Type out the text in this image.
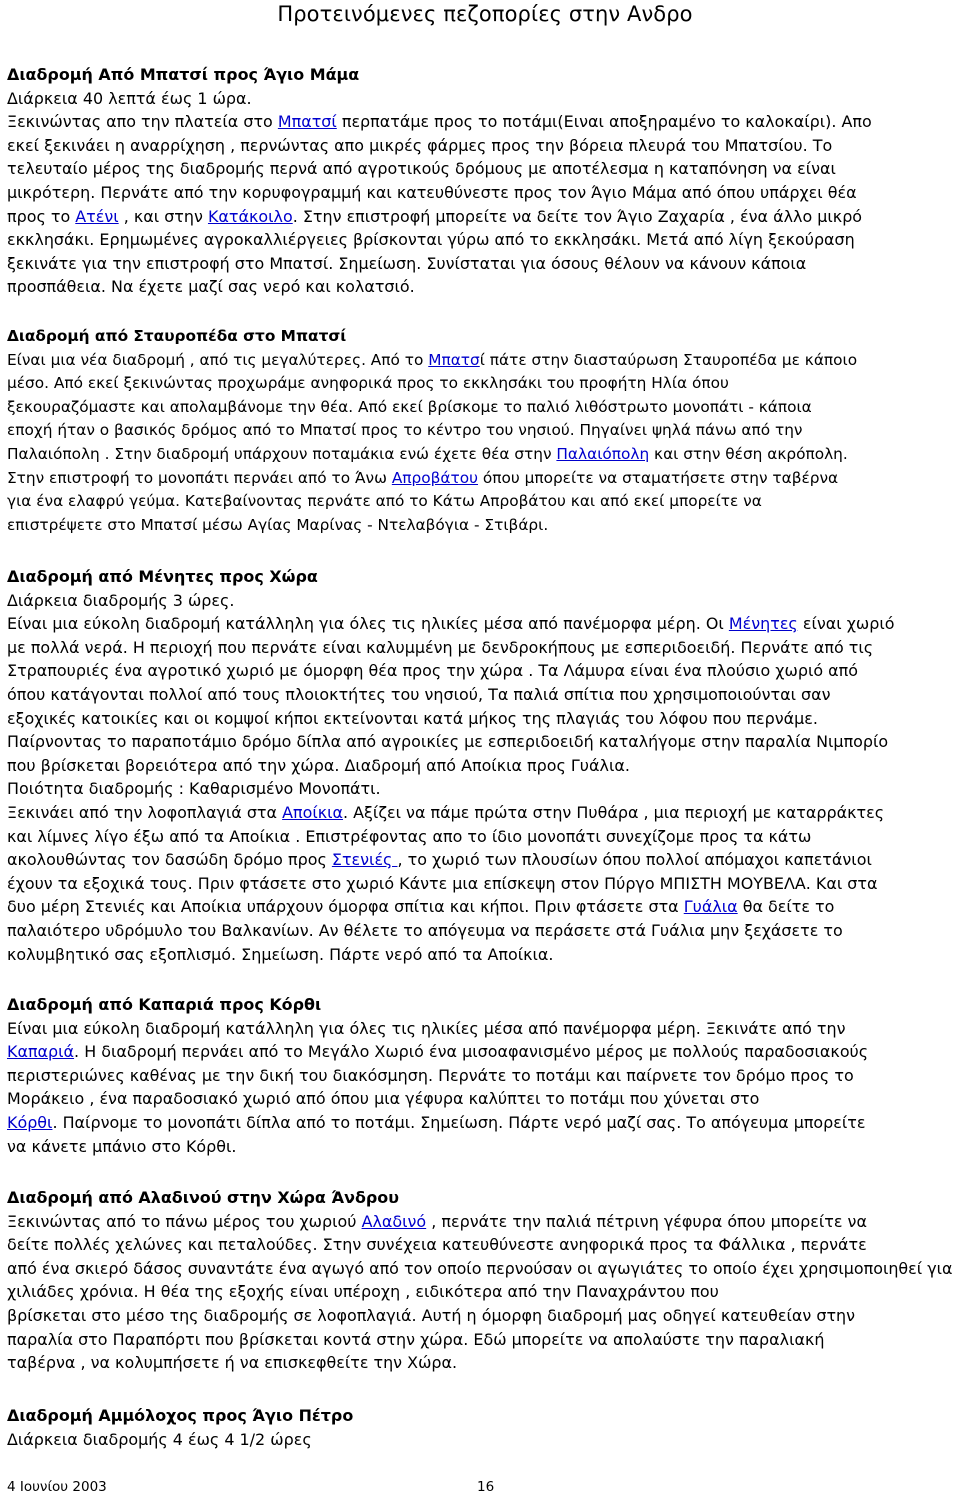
Προτεινόμενες πεζοπορίες στην Ανδρο
Διαδρομή Από Μπατσί προς Άγιο Μάμα
Διάρκεια 40 λεπτά έως 1 ώρα.
Ξεκινώντας απο την πλατεία στο Μπατσί περπατάμε προς το ποτάμι(Ειναι αποξηραμένο το καλοκαίρι). Απο
εκεί ξεκινάει η αναρρίχηση , περνώντας απο μικρές φάρμες προς την βόρεια πλευρά του Μπατσίου. Το
τελευταίο μέρος της διαδρομής περνά από αγροτικούς δρόμους με αποτέλεσμα η καταπόνηση να είναι
μικρότερη. Περνάτε από την κορυφογραμμή και κατευθύνεστε προς τον Άγιο Μάμα από όπου υπάρχει θέα
προς το Ατένι , και στην Κατάκοιλο. Στην επιστροφή μπορείτε να δείτε τον Άγιο Ζαχαρία , ένα άλλο μικρό
εκκλησάκι. Ερημωμένες αγροκαλλιέργειες βρίσκονται γύρω από το εκκλησάκι. Μετά από λίγη ξεκούραση
ξεκινάτε για την επιστροφή στο Μπατσί. Σημείωση. Συνίσταται για όσους θέλουν να κάνουν κάποια
προσπάθεια. Να έχετε μαζί σας νερό και κολατσιό.
Διαδρομή από Σταυροπέδα στο Μπατσί
Είναι μια νέα διαδρομή , από τις μεγαλύτερες. Από το Μπατσί πάτε στην διασταύρωση Σταυροπέδα με κάποιο
μέσο. Από εκεί ξεκινώντας προχωράμε ανηφορικά προς το εκκλησάκι του προφήτη Ηλία όπου
ξεκουραζόμαστε και απολαμβάνομε την θέα. Από εκεί βρίσκομε το παλιό λιθόστρωτο μονοπάτι - κάποια
εποχή ήταν ο βασικός δρόμος από το Μπατσί προς το κέντρο του νησιού. Πηγαίνει ψηλά πάνω από την
Παλαιόπολη . Στην διαδρομή υπάρχουν ποταμάκια ενώ έχετε θέα στην Παλαιόπολη και στην θέση ακρόπολη.
Στην επιστροφή το μονοπάτι περνάει από το Άνω Απροβάτου όπου μπορείτε να σταματήσετε στην ταβέρνα
για ένα ελαφρύ γεύμα. Κατεβαίνοντας περνάτε από το Κάτω Απροβάτου και από εκεί μπορείτε να
επιστρέψετε στο Μπατσί μέσω Αγίας Μαρίνας - Ντελαβόγια - Στιβάρι.
Διαδρομή από Μένητες προς Χώρα
Διάρκεια διαδρομής 3 ώρες.
Είναι μια εύκολη διαδρομή κατάλληλη για όλες τις ηλικίες μέσα από πανέμορφα μέρη. Οι Μένητες είναι χωριό
με πολλά νερά. Η περιοχή που περνάτε είναι καλυμμένη με δενδροκήπους με εσπεριδοειδή. Περνάτε από τις
Στραπουριές ένα αγροτικό χωριό με όμορφη θέα προς την χώρα . Τα Λάμυρα είναι ένα πλούσιο χωριό από
όπου κατάγονται πολλοί από τους πλοιοκτήτες του νησιού, Τα παλιά σπίτια που χρησιμοποιούνται σαν
εξοχικές κατοικίες και οι κομψοί κήποι εκτείνονται κατά μήκος της πλαγιάς του λόφου που περνάμε.
Παίρνοντας το παραποτάμιο δρόμο δίπλα από αγροικίες με εσπεριδοειδή καταλήγομε στην παραλία Νιμπορίο
που βρίσκεται βορειότερα από την χώρα. Διαδρομή από Αποίκια προς Γυάλια.
Ποιότητα διαδρομής : Καθαρισμένο Μονοπάτι.
Ξεκινάει από την λοφοπλαγιά στα Αποίκια. Αξίζει να πάμε πρώτα στην Πυθάρα , μια περιοχή με καταρράκτες
και λίμνες λίγο έξω από τα Αποίκια . Επιστρέφοντας απο το ίδιο μονοπάτι συνεχίζομε προς τα κάτω
ακολουθώντας τον δασώδη δρόμο προς Στενιές , το χωριό των πλουσίων όπου πολλοί απόμαχοι καπετάνιοι
έχουν τα εξοχικά τους. Πριν φτάσετε στο χωριό Κάντε μια επίσκεψη στον Πύργο ΜΠΙΣΤΗ ΜΟΥΒΕΛΑ. Και στα
δυο μέρη Στενιές και Αποίκια υπάρχουν όμορφα σπίτια και κήποι. Πριν φτάσετε στα Γυάλια θα δείτε το
παλαιότερο υδρόμυλο του Βαλκανίων. Αν θέλετε το απόγευμα να περάσετε στά Γυάλια μην ξεχάσετε το
κολυμβητικό σας εξοπλισμό. Σημείωση. Πάρτε νερό από τα Αποίκια.
Διαδρομή από Καπαριά προς Κόρθι
Είναι μια εύκολη διαδρομή κατάλληλη για όλες τις ηλικίες μέσα από πανέμορφα μέρη. Ξεκινάτε από την
Καπαριά. Η διαδρομή περνάει από το Μεγάλο Χωριό ένα μισοαφανισμένο μέρος με πολλούς παραδοσιακούς
περιστεριώνες καθένας με την δική του διακόσμηση. Περνάτε το ποτάμι και παίρνετε τον δρόμο προς το
Μοράκειο , ένα παραδοσιακό χωριό από όπου μια γέφυρα καλύπτει το ποτάμι που χύνεται στο
Κόρθι. Παίρνομε το μονοπάτι δίπλα από το ποτάμι. Σημείωση. Πάρτε νερό μαζί σας. Το απόγευμα μπορείτε
να κάνετε μπάνιο στο Κόρθι.
Διαδρομή από Αλαδινού στην Χώρα Άνδρου
Ξεκινώντας από το πάνω μέρος του χωριού Αλαδινό , περνάτε την παλιά πέτρινη γέφυρα όπου μπορείτε να
δείτε πολλές χελώνες και πεταλούδες. Στην συνέχεια κατευθύνεστε ανηφορικά προς τα Φάλλικα , περνάτε
από ένα σκιερό δάσος συναντάτε ένα αγωγό από τον οποίο περνούσαν οι αγωγιάτες το οποίο έχει χρησιμοποιηθεί για
χιλιάδες χρόνια. Η θέα της εξοχής είναι υπέροχη , ειδικότερα από την Παναχράντου που
βρίσκεται στο μέσο της διαδρομής σε λοφοπλαγιά. Αυτή η όμορφη διαδρομή μας οδηγεί κατευθείαν στην
παραλία στο Παραπόρτι που βρίσκεται κοντά στην χώρα. Εδώ μπορείτε να απολαύστε την παραλιακή
ταβέρνα , να κολυμπήσετε ή να επισκεφθείτε την Χώρα.
Διαδρομή Αμμόλοχος προς Άγιο Πέτρο
Διάρκεια διαδρομής 4 έως 4 1/2 ώρες
4 Ιουνίου 2003	16
